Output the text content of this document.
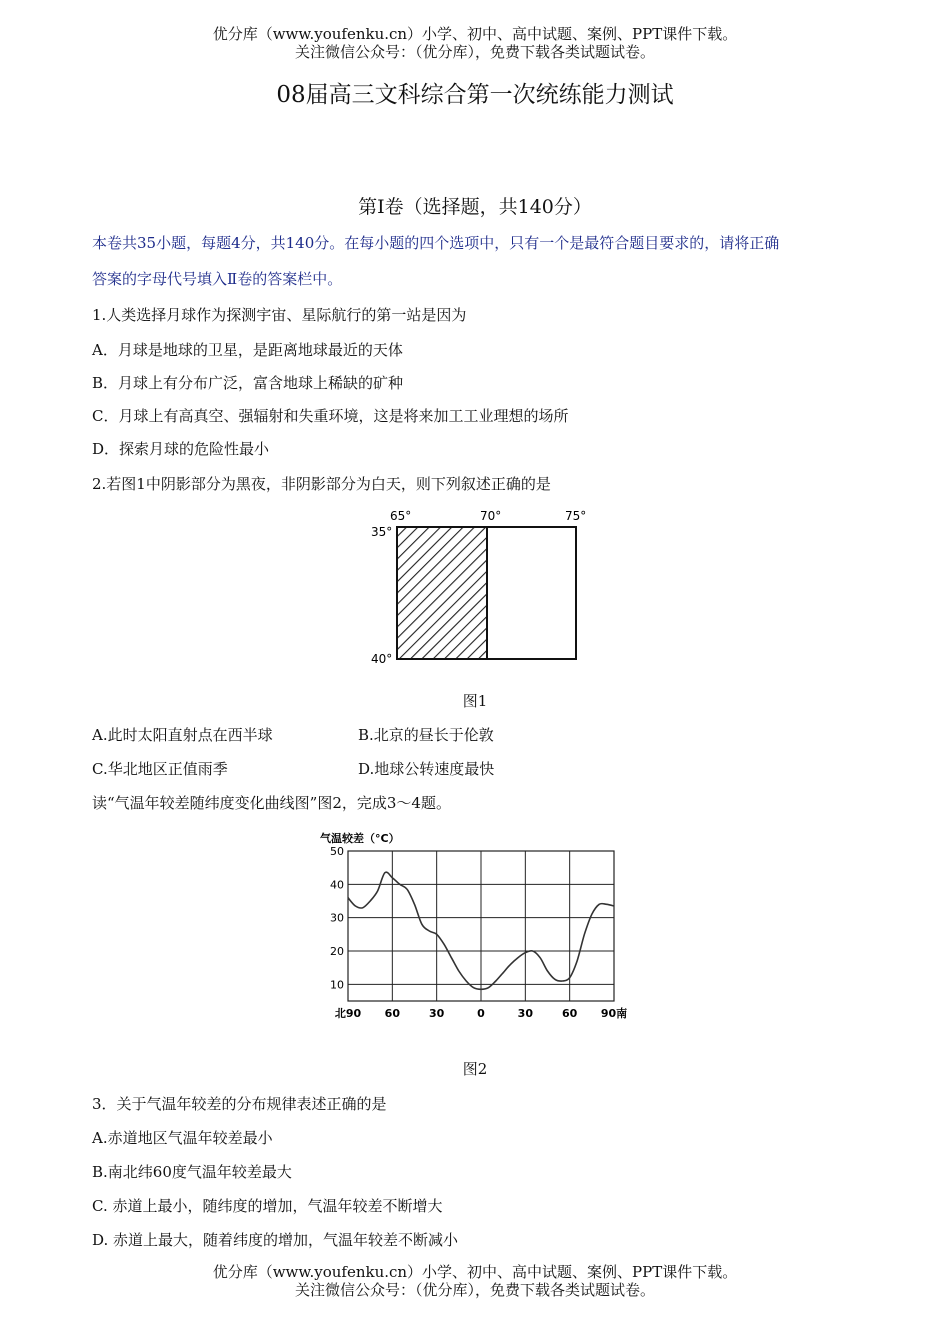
优分库（www.youfenku.cn）小学、初中、高中试题、案例、PPT课件下载。
关注微信公众号：（优分库），免费下载各类试题试卷。
08届高三文科综合第一次统练能力测试
第Ⅰ卷（选择题，共140分）
本卷共35小题，每题4分，共140分。在每小题的四个选项中，只有一个是最符合题目要求的，请将正确
答案的字母代号填入Ⅱ卷的答案栏中。
1.人类选择月球作为探测宇宙、星际航行的第一站是因为
A．月球是地球的卫星，是距离地球最近的天体
B．月球上有分布广泛，富含地球上稀缺的矿种
C．月球上有高真空、强辐射和失重环境，这是将来加工工业理想的场所
D．探索月球的危险性最小
2.若图1中阴影部分为黑夜，非阴影部分为白天，则下列叙述正确的是
65°	70°	75°
35°
40°
图1
A.此时太阳直射点在西半球	B.北京的昼长于伦敦
C.华北地区正值雨季	D.地球公转速度最快
读“气温年较差随纬度变化曲线图”图2，完成3～4题。
气温较差（°C）
10
20
30
40
50
北90 60	30	0	30	60 90南
图2
3．关于气温年较差的分布规律表述正确的是
A.赤道地区气温年较差最小
B.南北纬60度气温年较差最大
C. 赤道上最小，随纬度的增加，气温年较差不断增大
D. 赤道上最大，随着纬度的增加，气温年较差不断减小
优分库（www.youfenku.cn）小学、初中、高中试题、案例、PPT课件下载。
关注微信公众号：（优分库），免费下载各类试题试卷。
